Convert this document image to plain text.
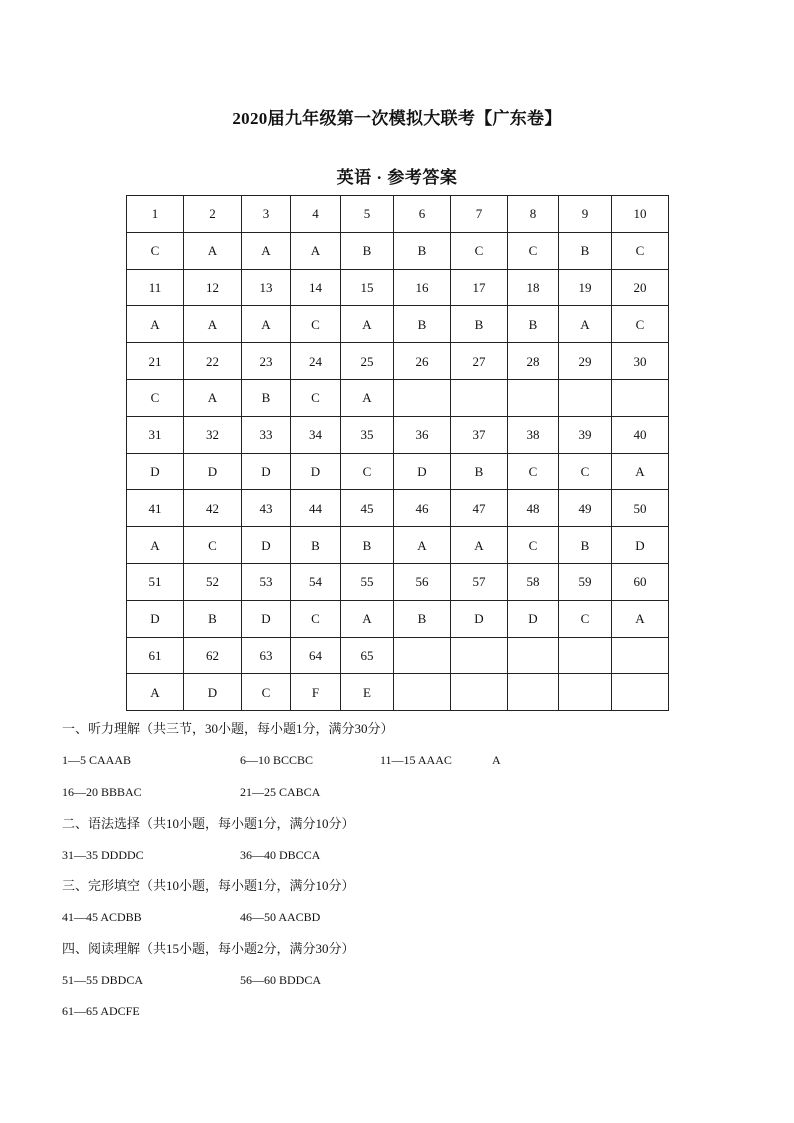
2020届九年级第一次模拟大联考【广东卷】
英语 · 参考答案
1	2	3	4	5	6	7	8	9	10
C	A	A	A	B	B	C	C	B	C
11	12	13	14	15	16	17	18	19	20
A	A	A	C	A	B	B	B	A	C
21	22	23	24	25	26	27	28	29	30
C	A	B	C	A					
31	32	33	34	35	36	37	38	39	40
D	D	D	D	C	D	B	C	C	A
41	42	43	44	45	46	47	48	49	50
A	C	D	B	B	A	A	C	B	D
51	52	53	54	55	56	57	58	59	60
D	B	D	C	A	B	D	D	C	A
61	62	63	64	65					
A	D	C	F	E					
一、听力理解（共三节，30小题，每小题1分，满分30分）
1—5 CAAAB	6—10 BCCBC	11—15 AAAC	A
16—20 BBBAC	21—25 CABCA
二、语法选择（共10小题，每小题1分，满分10分）
31—35 DDDDC	36—40 DBCCA
三、完形填空（共10小题，每小题1分，满分10分）
41—45 ACDBB	46—50 AACBD
四、阅读理解（共15小题，每小题2分，满分30分）
51—55 DBDCA	56—60 BDDCA
61—65 ADCFE
